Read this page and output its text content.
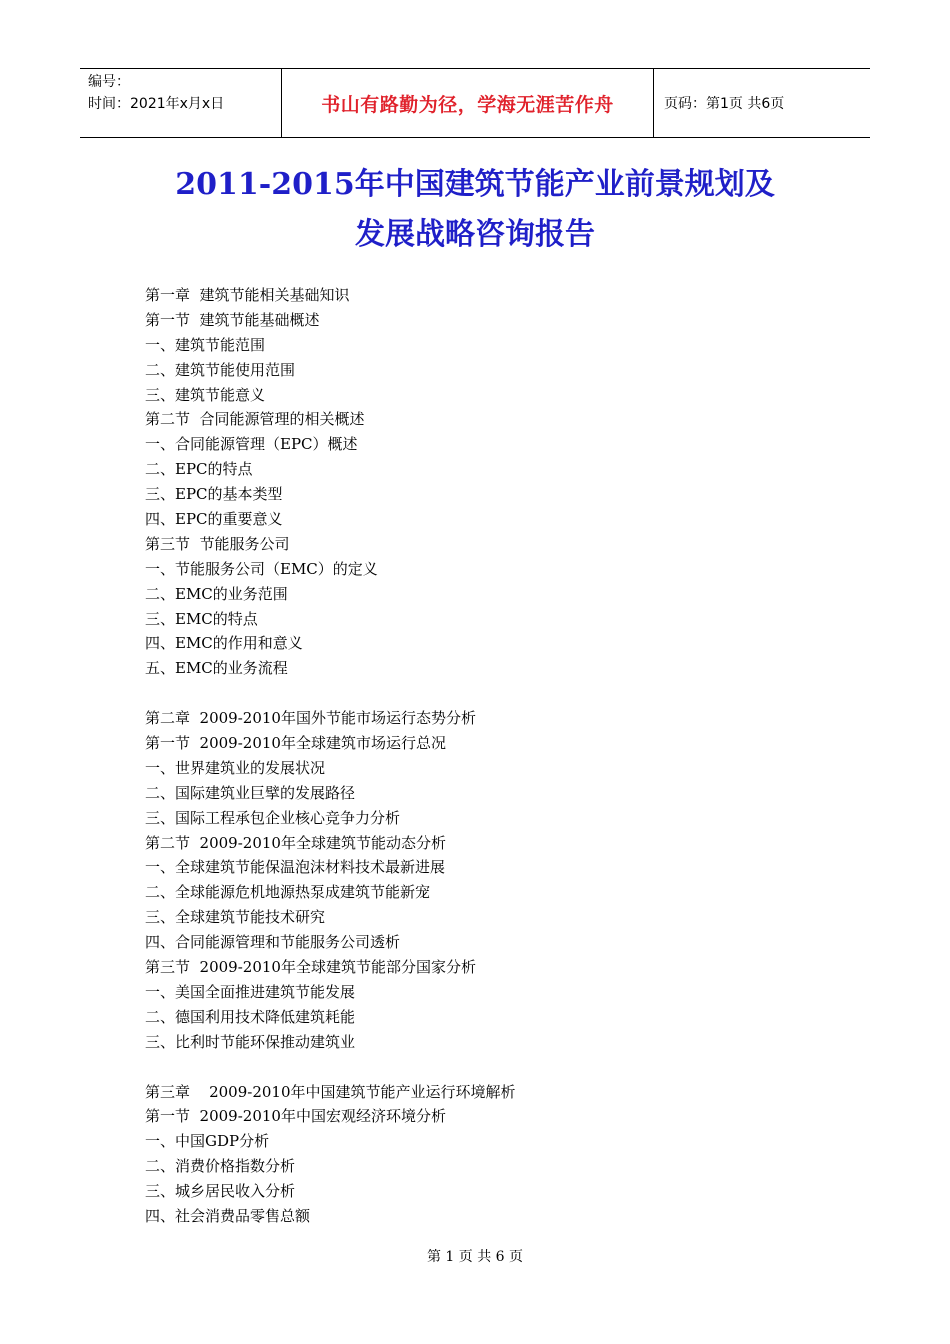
编号：
时间：2021年x月x日	书山有路勤为径，学海无涯苦作舟	页码：第1页 共6页
2011-2015年中国建筑节能产业前景规划及
发展战略咨询报告
第一章  建筑节能相关基础知识
第一节  建筑节能基础概述
一、建筑节能范围
二、建筑节能使用范围
三、建筑节能意义
第二节  合同能源管理的相关概述
一、合同能源管理（EPC）概述
二、EPC的特点
三、EPC的基本类型
四、EPC的重要意义
第三节  节能服务公司
一、节能服务公司（EMC）的定义
二、EMC的业务范围
三、EMC的特点
四、EMC的作用和意义
五、EMC的业务流程
第二章  2009-2010年国外节能市场运行态势分析
第一节  2009-2010年全球建筑市场运行总况
一、世界建筑业的发展状况
二、国际建筑业巨擘的发展路径
三、国际工程承包企业核心竞争力分析
第二节  2009-2010年全球建筑节能动态分析
一、全球建筑节能保温泡沫材料技术最新进展
二、全球能源危机地源热泵成建筑节能新宠
三、全球建筑节能技术研究
四、合同能源管理和节能服务公司透析
第三节  2009-2010年全球建筑节能部分国家分析
一、美国全面推进建筑节能发展
二、德国利用技术降低建筑耗能
三、比利时节能环保推动建筑业
第三章    2009-2010年中国建筑节能产业运行环境解析
第一节  2009-2010年中国宏观经济环境分析
一、中国GDP分析
二、消费价格指数分析
三、城乡居民收入分析
四、社会消费品零售总额
第 1 页 共 6 页
